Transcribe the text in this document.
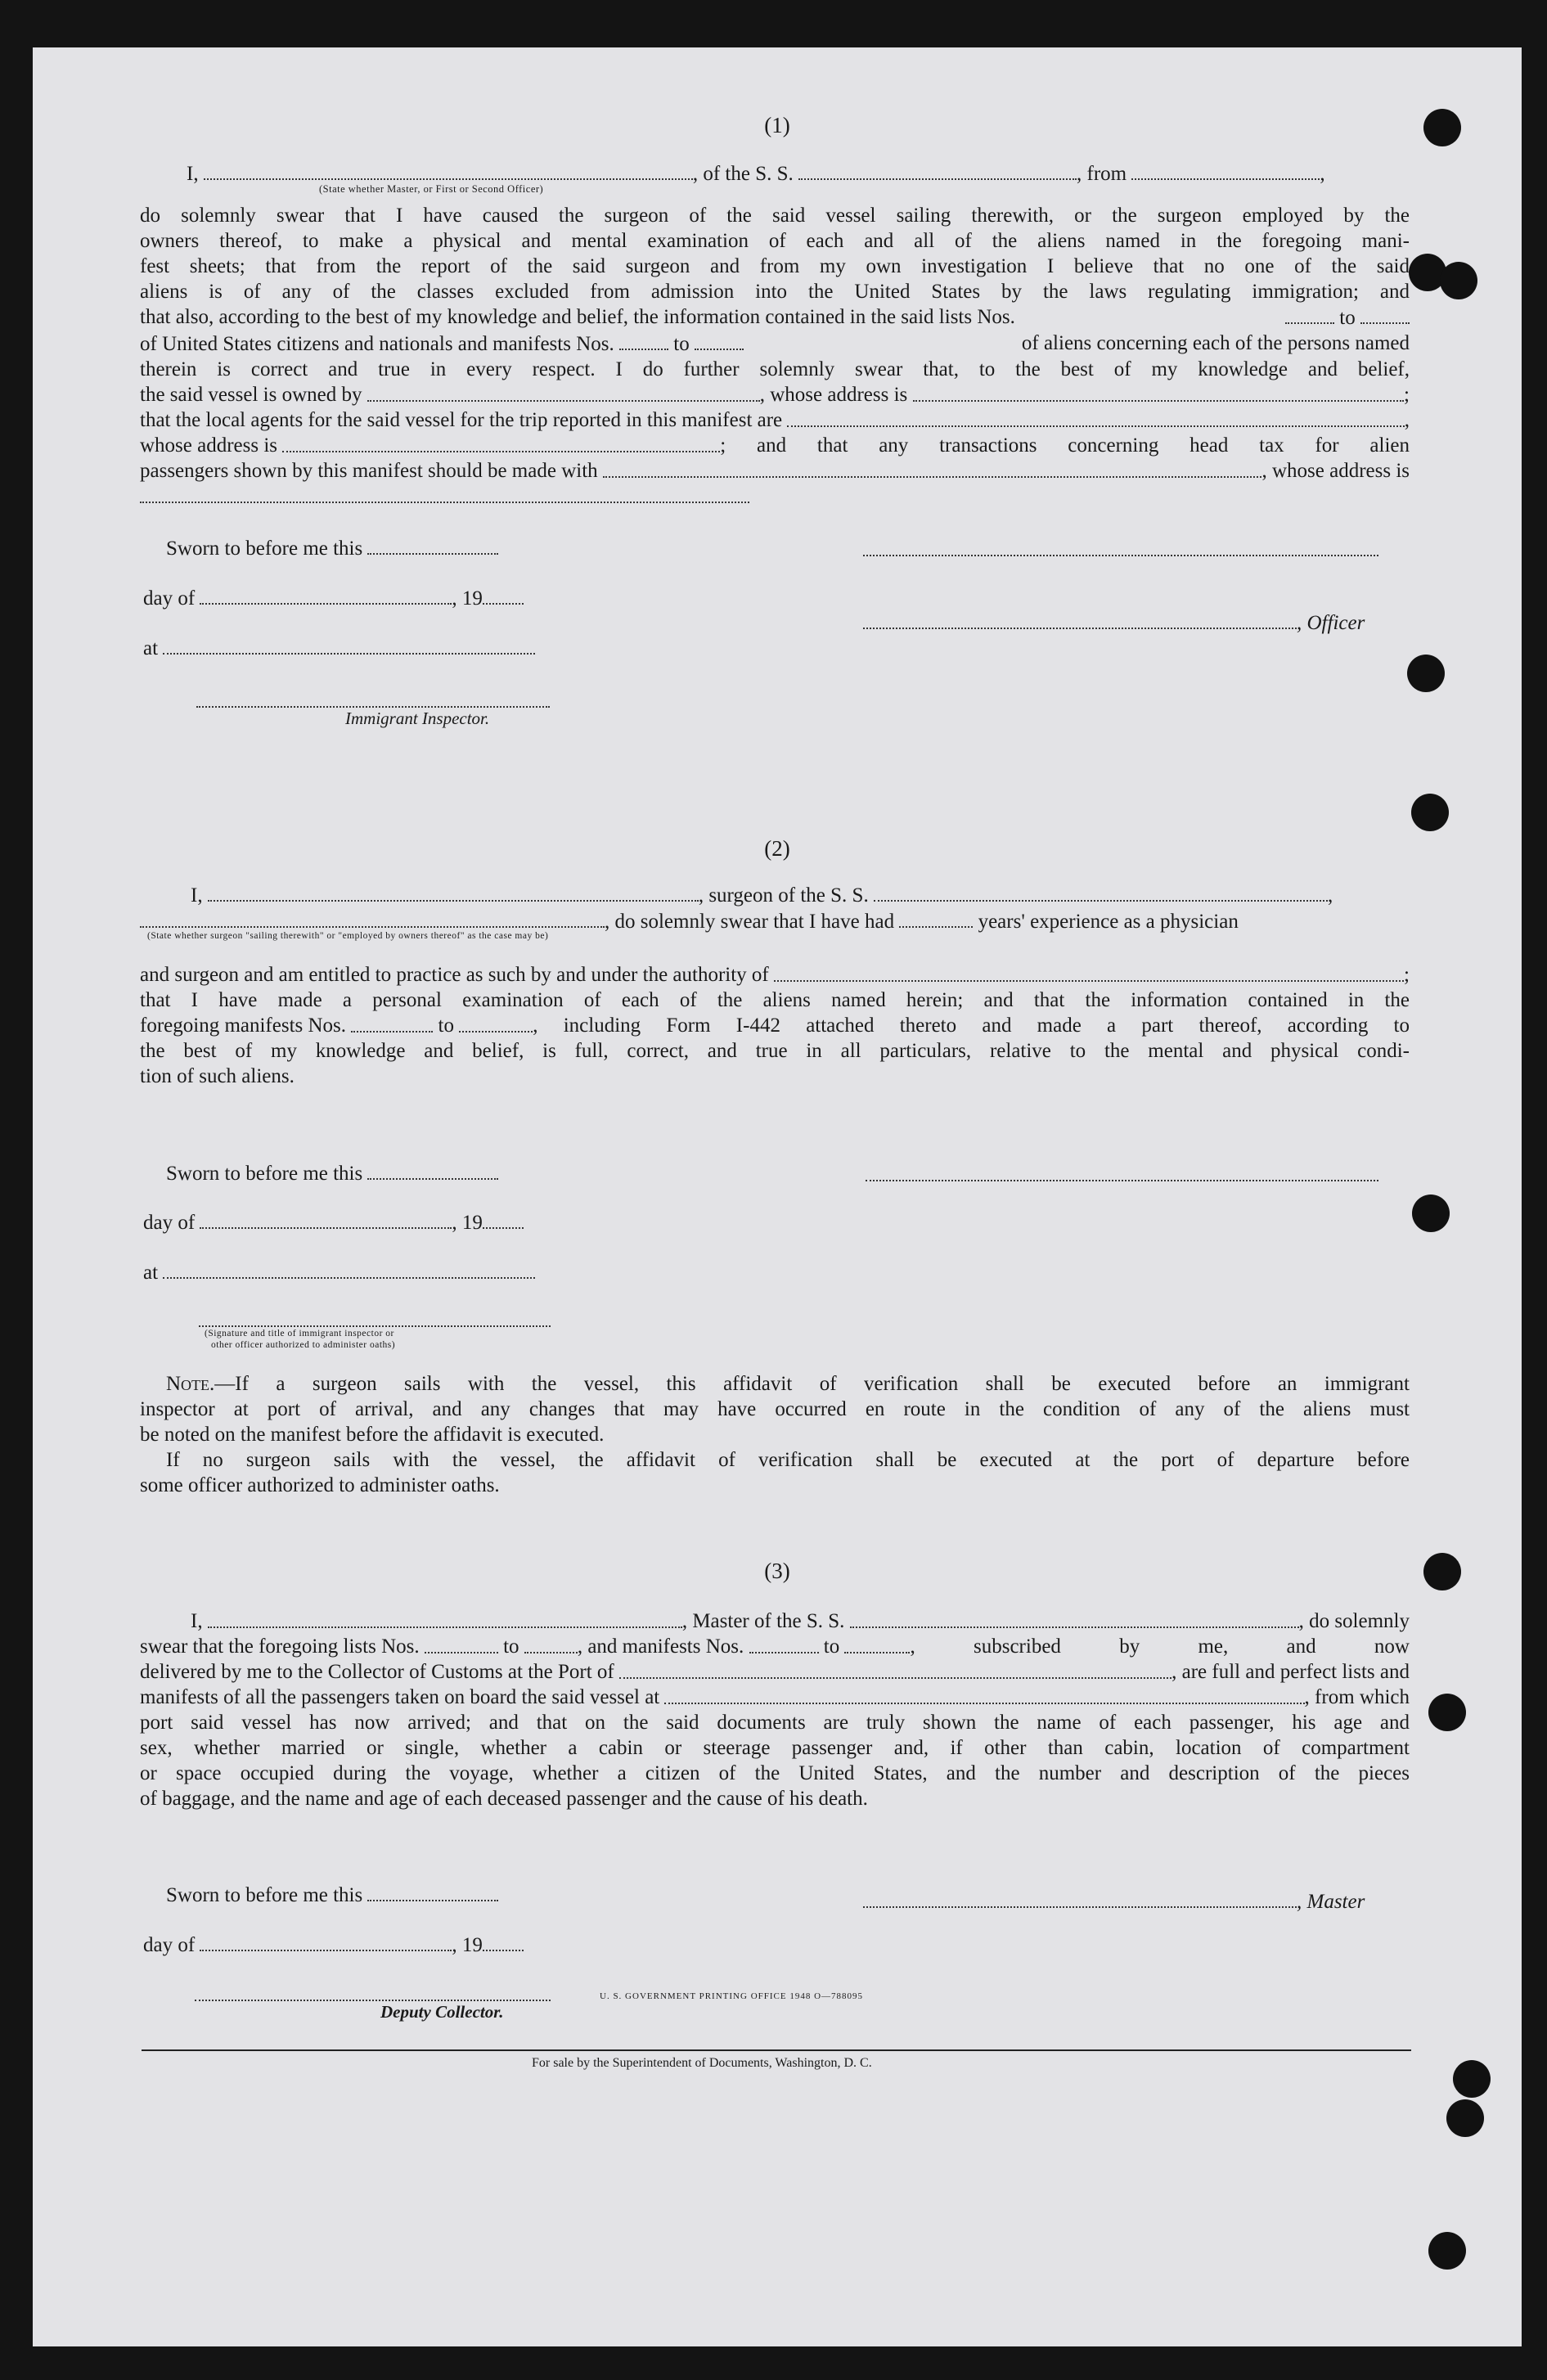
(1)
I,	, of the S. S.	, from	,
(State whether Master, or First or Second Officer)
do solemnly swear that I have caused the surgeon of the said vessel sailing therewith, or the surgeon employed by the
owners thereof, to make a physical and mental examination of each and all of the aliens named in the foregoing mani-
fest sheets; that from the report of the said surgeon and from my own investigation I believe that no one of the said
aliens is of any of the classes excluded from admission into the United States by the laws regulating immigration; and
that also, according to the best of my knowledge and belief, the information contained in the said lists Nos.	to
of United States citizens and nationals and manifests Nos.	to	of aliens concerning each of the persons named
therein is correct and true in every respect. I do further solemnly swear that, to the best of my knowledge and belief,
the said vessel is owned by
	, whose address is
	;
that the local agents for the said vessel for the trip reported in this manifest are
	,
whose address is
	; and that any transactions concerning head tax for alien
passengers shown by this manifest should be made with
	, whose address is
Sworn to before me this
day of	, 19
, Officer
at
Immigrant Inspector.
(2)
I,	, surgeon of the S. S.	,
, do solemnly swear that I have had	years' experience as a physician
(State whether surgeon "sailing therewith" or "employed by owners thereof" as the case may be)
and surgeon and am entitled to practice as such by and under the authority of
	;
that I have made a personal examination of each of the aliens named herein; and that the information contained in the
foregoing manifests Nos.

	to
	, including Form I-442 attached thereto and made a part thereof, according to
the best of my knowledge and belief, is full, correct, and true in all particulars, relative to the mental and physical condi-
tion of such aliens.
Sworn to before me this
day of	, 19
at
(Signature and title of immigrant inspector or
other officer authorized to administer oaths)
Note.—If a surgeon sails with the vessel, this affidavit of verification shall be executed before an immigrant
inspector at port of arrival, and any changes that may have occurred en route in the condition of any of the aliens must
be noted on the manifest before the affidavit is executed.
If no surgeon sails with the vessel, the affidavit of verification shall be executed at the port of departure before
some officer authorized to administer oaths.
(3)
I,
	, Master of the S. S.
	, do solemnly
swear that the foregoing lists Nos.

	to
	, and manifests Nos.

	to
	, subscribed by me, and now
delivered by me to the Collector of Customs at the Port of
	, are full and perfect lists and
manifests of all the passengers taken on board the said vessel at
	, from which
port said vessel has now arrived; and that on the said documents are truly shown the name of each passenger, his age and
sex, whether married or single, whether a cabin or steerage passenger and, if other than cabin, location of compartment
or space occupied during the voyage, whether a citizen of the United States, and the number and description of the pieces
of baggage, and the name and age of each deceased passenger and the cause of his death.
Sworn to before me this	, Master
day of	, 19
Deputy Collector.
U. S. GOVERNMENT PRINTING OFFICE 1948 O—788095
For sale by the Superintendent of Documents, Washington, D. C.
